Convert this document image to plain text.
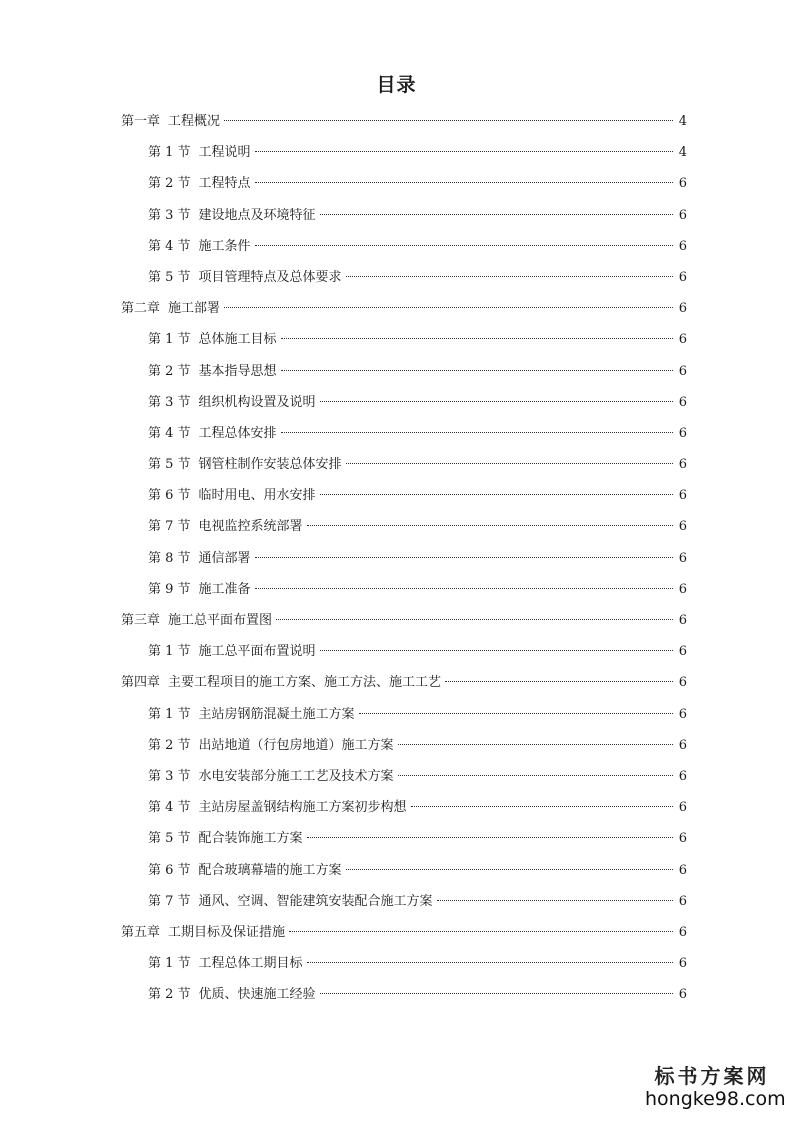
目录
第一章 工程概况	4
第 1 节 工程说明	4
第 2 节 工程特点	6
第 3 节 建设地点及环境特征	6
第 4 节 施工条件	6
第 5 节 项目管理特点及总体要求	6
第二章 施工部署	6
第 1 节 总体施工目标	6
第 2 节 基本指导思想	6
第 3 节 组织机构设置及说明	6
第 4 节 工程总体安排	6
第 5 节 钢管柱制作安装总体安排	6
第 6 节 临时用电、用水安排	6
第 7 节 电视监控系统部署	6
第 8 节 通信部署	6
第 9 节 施工准备	6
第三章 施工总平面布置图	6
第 1 节 施工总平面布置说明	6
第四章 主要工程项目的施工方案、施工方法、施工工艺	6
第 1 节 主站房钢筋混凝土施工方案	6
第 2 节 出站地道（行包房地道）施工方案	6
第 3 节 水电安装部分施工工艺及技术方案	6
第 4 节 主站房屋盖钢结构施工方案初步构想	6
第 5 节 配合装饰施工方案	6
第 6 节 配合玻璃幕墙的施工方案	6
第 7 节 通风、空调、智能建筑安装配合施工方案	6
第五章 工期目标及保证措施	6
第 1 节 工程总体工期目标	6
第 2 节 优质、快速施工经验	6
标书方案网
hongke98.com
